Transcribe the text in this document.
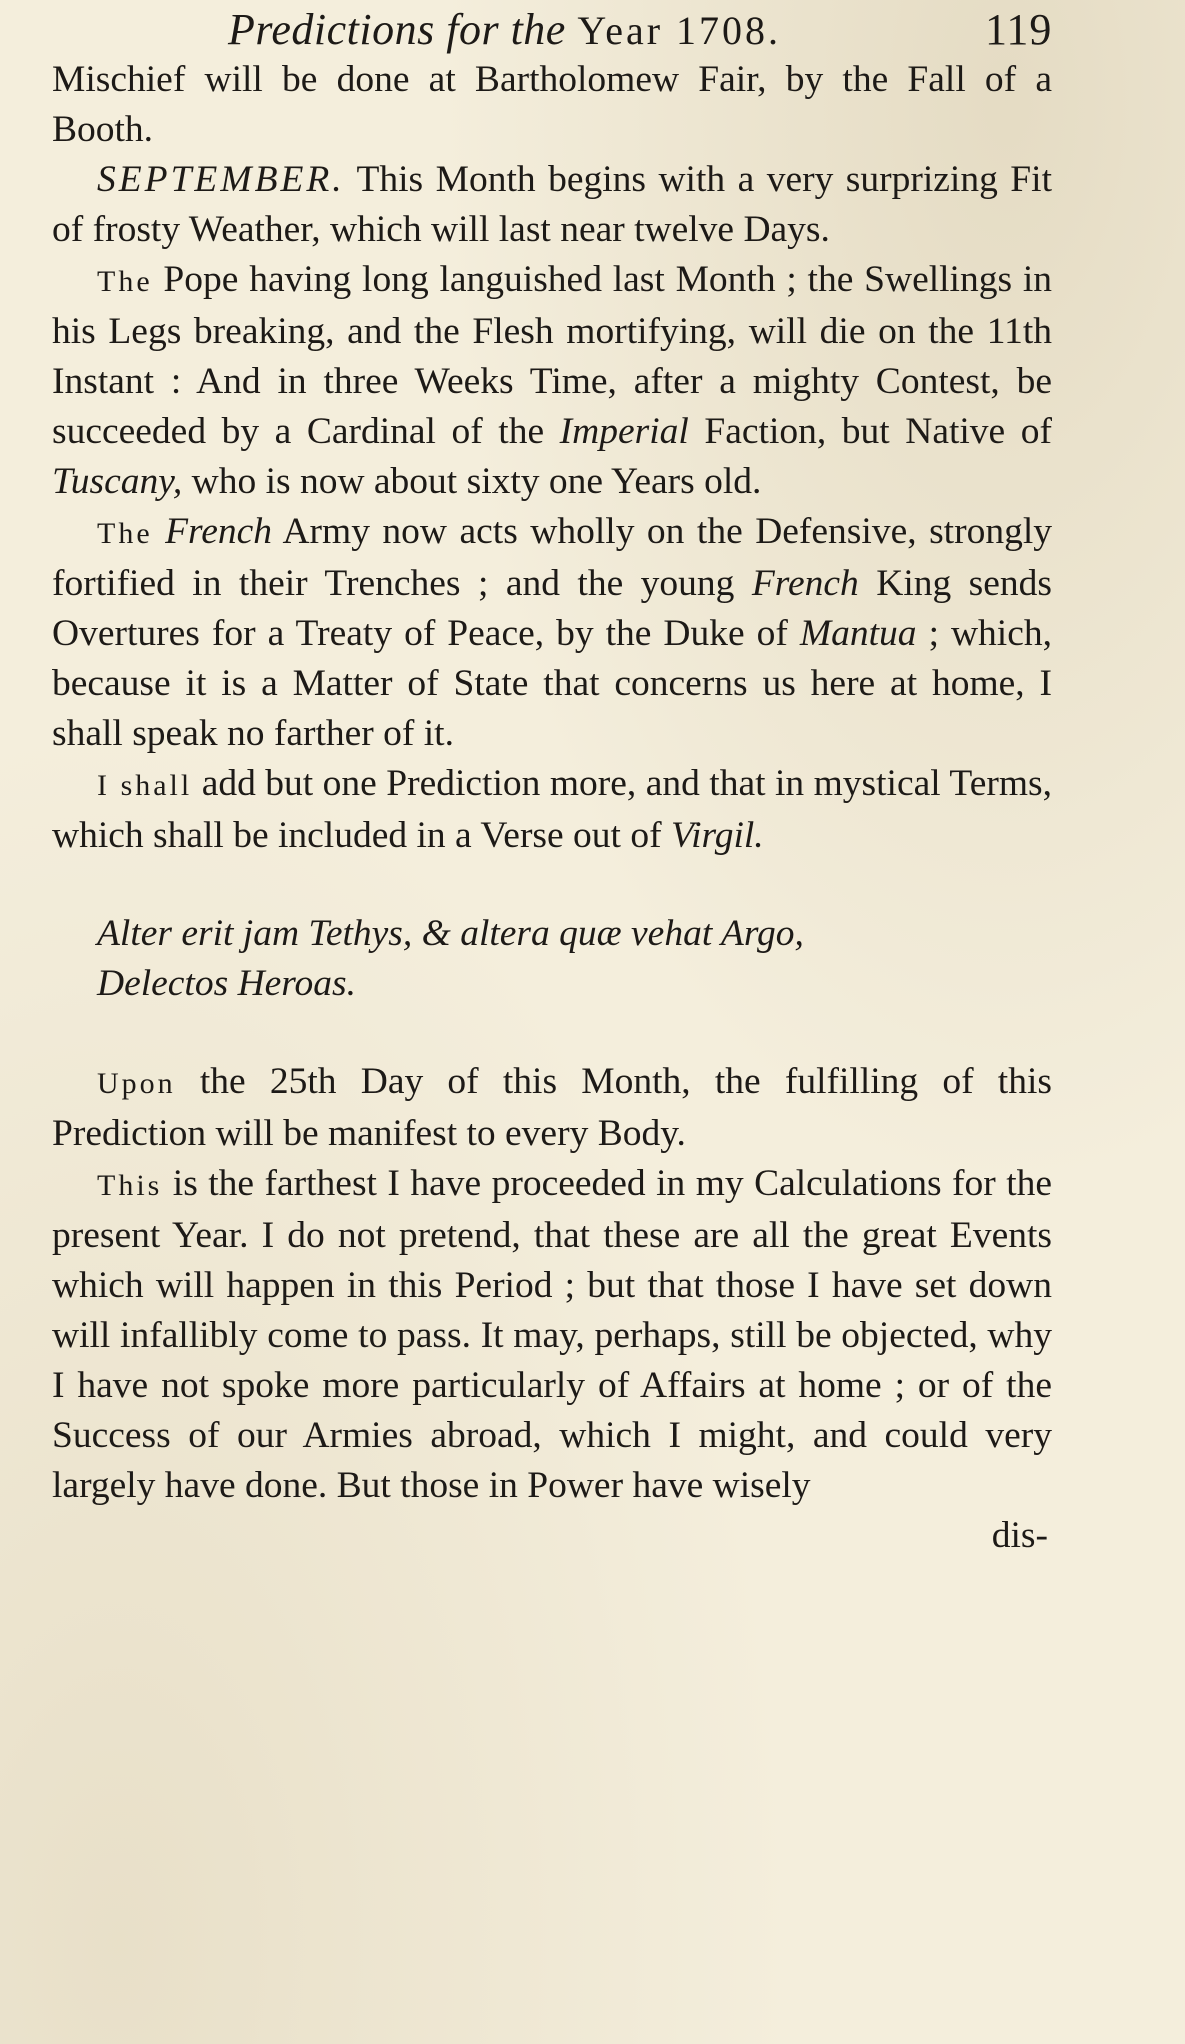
Predictions for the Year 1708.	119

Mischief will be done at Bartholomew Fair, by the Fall of a Booth.

SEPTEMBER. This Month begins with a very surprizing Fit of frosty Weather, which will last near twelve Days.

The Pope having long languished last Month ; the Swellings in his Legs breaking, and the Flesh mortifying, will die on the 11th Instant : And in three Weeks Time, after a mighty Contest, be succeeded by a Cardinal of the Imperial Faction, but Native of Tuscany, who is now about sixty one Years old.

The French Army now acts wholly on the Defensive, strongly fortified in their Trenches ; and the young French King sends Overtures for a Treaty of Peace, by the Duke of Mantua ; which, because it is a Matter of State that concerns us here at home, I shall speak no farther of it.

I shall add but one Prediction more, and that in mystical Terms, which shall be included in a Verse out of Virgil.

Alter erit jam Tethys, & altera quæ vehat Argo,
Delectos Heroas.

Upon the 25th Day of this Month, the fulfilling of this Prediction will be manifest to every Body.

This is the farthest I have proceeded in my Calculations for the present Year. I do not pretend, that these are all the great Events which will happen in this Period ; but that those I have set down will infallibly come to pass. It may, perhaps, still be objected, why I have not spoke more particularly of Affairs at home ; or of the Success of our Armies abroad, which I might, and could very largely have done. But those in Power have wisely

dis-
